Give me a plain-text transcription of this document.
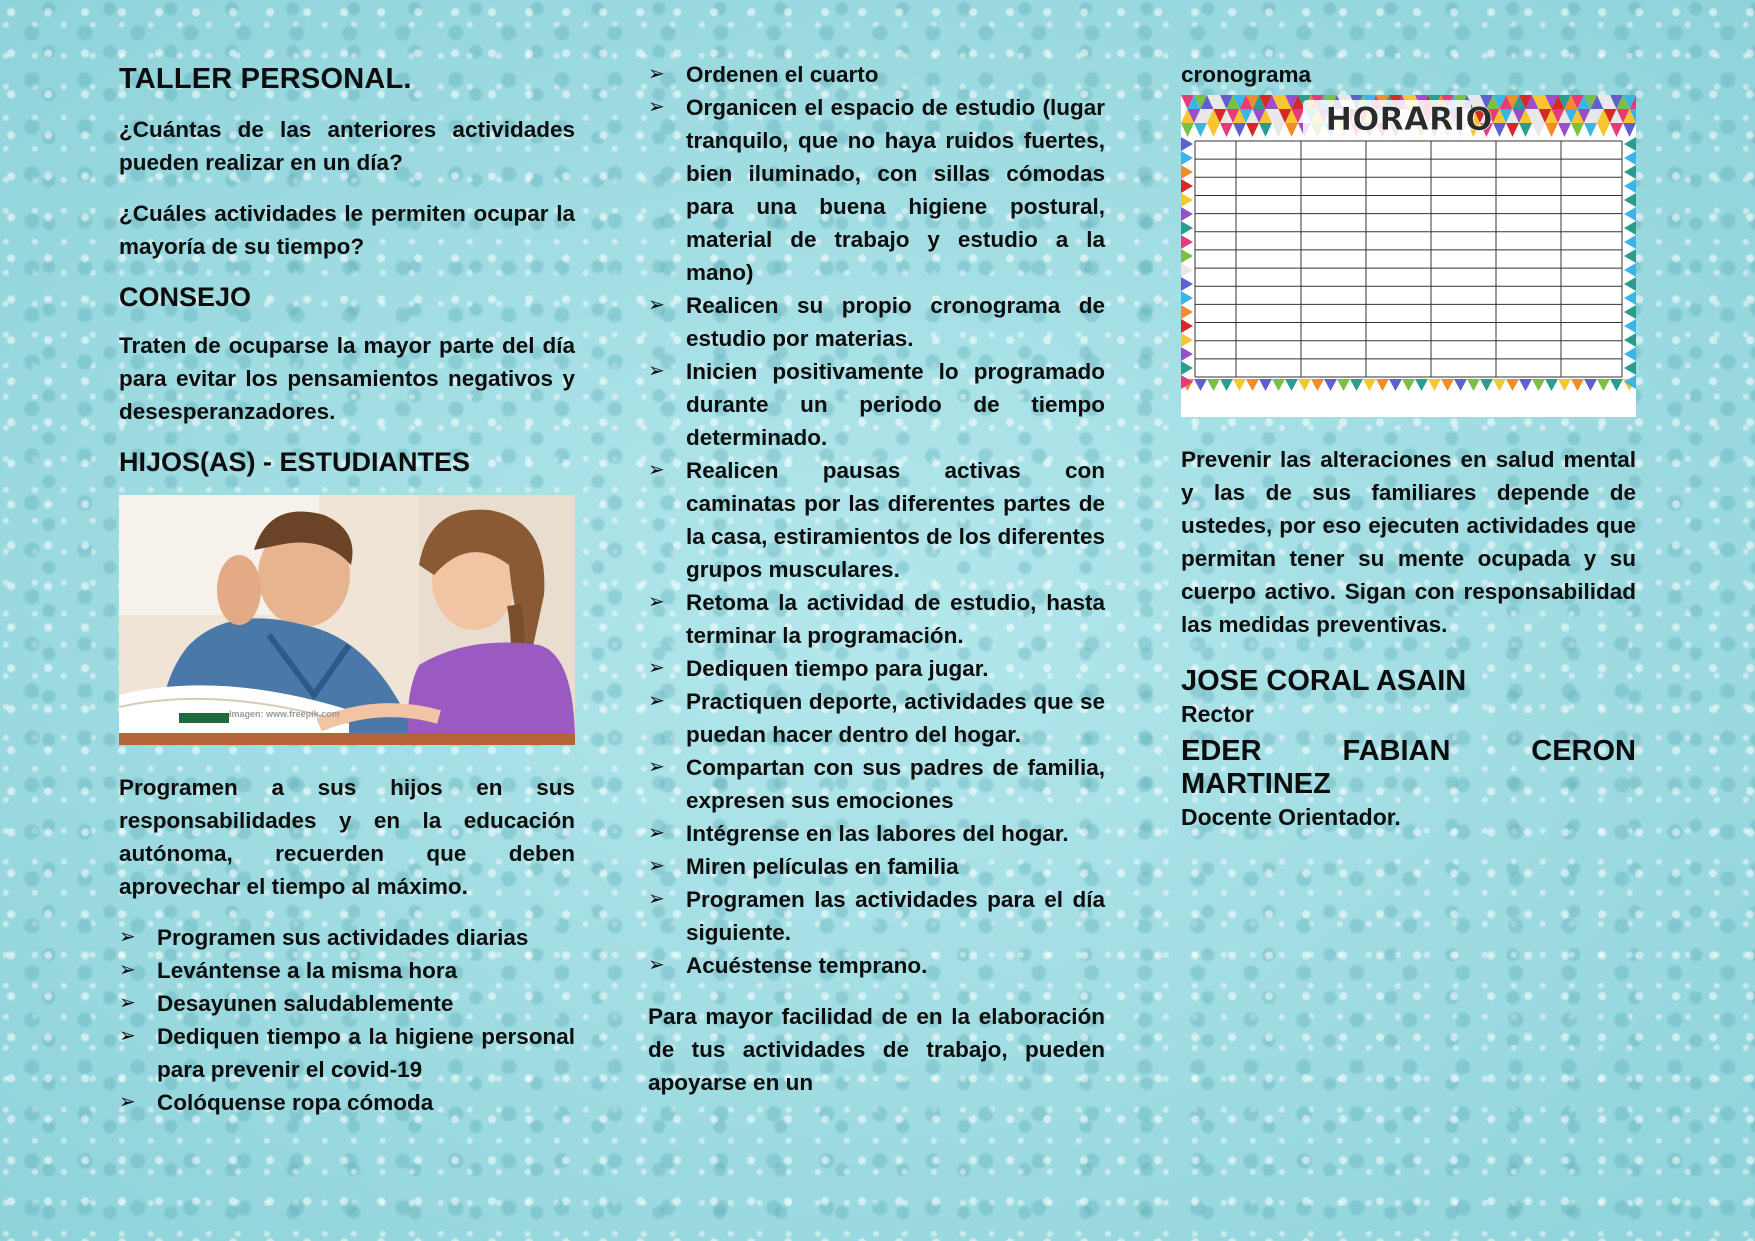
TALLER PERSONAL.

¿Cuántas de las anteriores actividades pueden realizar en un día?

¿Cuáles actividades le permiten ocupar la mayoría de su tiempo?

CONSEJO

Traten de ocuparse la mayor parte del día para evitar los pensamientos negativos y desesperanzadores.

HIJOS(AS) - ESTUDIANTES
Imagen: www.freepik.com

Programen a sus hijos en sus responsabilidades y en la educación autónoma, recuerden que deben aprovechar el tiempo al máximo.

➢ Programen sus actividades diarias
➢ Levántense a la misma hora
➢ Desayunen saludablemente
➢ Dediquen tiempo a la higiene personal para prevenir el covid-19
➢ Colóquense ropa cómoda
➢ Ordenen el cuarto
➢ Organicen el espacio de estudio (lugar tranquilo, que no haya ruidos fuertes, bien iluminado, con sillas cómodas para una buena higiene postural, material de trabajo y estudio a la mano)
➢ Realicen su propio cronograma de estudio por materias.
➢ Inicien positivamente lo programado durante un periodo de tiempo determinado.
➢ Realicen pausas activas con caminatas por las diferentes partes de la casa, estiramientos de los diferentes grupos musculares.
➢ Retoma la actividad de estudio, hasta terminar la programación.
➢ Dediquen tiempo para jugar.
➢ Practiquen deporte, actividades que se puedan hacer dentro del hogar.
➢ Compartan con sus padres de familia, expresen sus emociones
➢ Intégrense en las labores del hogar.
➢ Miren películas en familia
➢ Programen las actividades para el día siguiente.
➢ Acuéstense temprano.

Para mayor facilidad de en la elaboración de tus actividades de trabajo, pueden apoyarse en un

cronograma

HORARIO

Prevenir las alteraciones en salud mental y las de sus familiares depende de ustedes, por eso ejecuten actividades que permitan tener su mente ocupada y su cuerpo activo. Sigan con responsabilidad las medidas preventivas.

JOSE CORAL ASAIN
Rector
EDER FABIAN CERON
MARTINEZ
Docente Orientador.
